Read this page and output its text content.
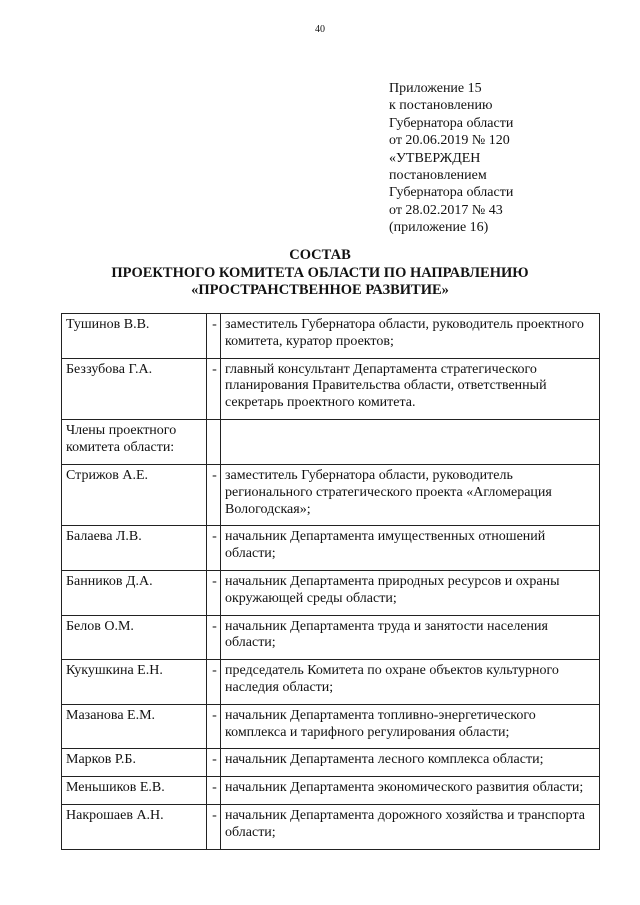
40
Приложение 15
к постановлению
Губернатора области
от 20.06.2019 № 120
«УТВЕРЖДЕН
постановлением
Губернатора области
от 28.02.2017 № 43
(приложение 16)
СОСТАВ
ПРОЕКТНОГО КОМИТЕТА ОБЛАСТИ ПО НАПРАВЛЕНИЮ
«ПРОСТРАНСТВЕННОЕ РАЗВИТИЕ»
Тушинов В.В.	-	заместитель Губернатора области, руководитель проектного комитета, куратор проектов;
Беззубова Г.А.	-	главный консультант Департамента стратегического планирования Правительства области, ответственный секретарь проектного комитета.
Члены проектного комитета области:		
Стрижов А.Е.	-	заместитель Губернатора области, руководитель регионального стратегического проекта «Агломерация Вологодская»;
Балаева Л.В.	-	начальник Департамента имущественных отношений области;
Банников Д.А.	-	начальник Департамента природных ресурсов и охраны окружающей среды области;
Белов О.М.	-	начальник Департамента труда и занятости населения области;
Кукушкина Е.Н.	-	председатель Комитета по охране объектов культурного наследия области;
Мазанова Е.М.	-	начальник Департамента топливно-энергетического комплекса и тарифного регулирования области;
Марков Р.Б.	-	начальник Департамента лесного комплекса области;
Меньшиков Е.В.	-	начальник Департамента экономического развития области;
Накрошаев А.Н.	-	начальник Департамента дорожного хозяйства и транспорта области;
